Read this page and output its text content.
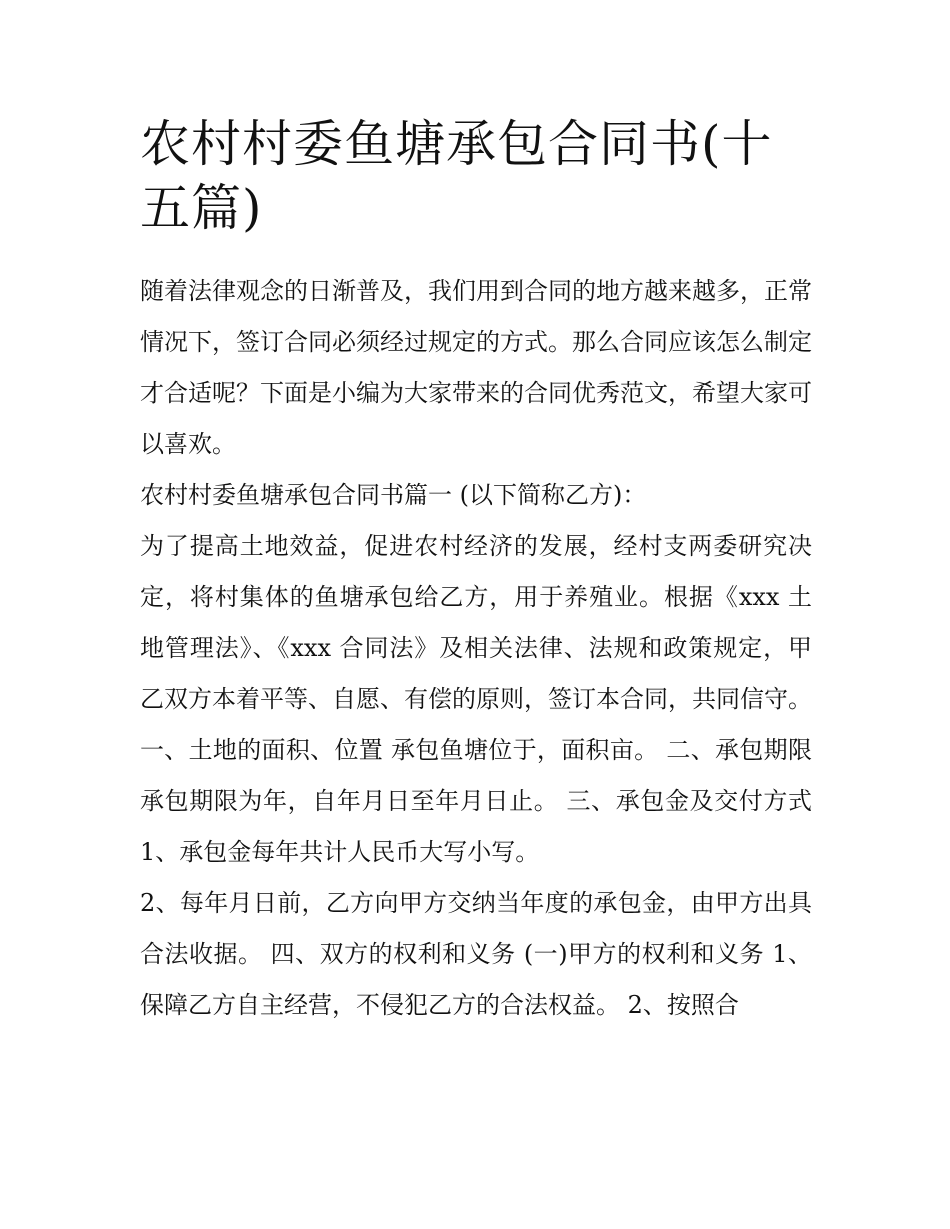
农村村委鱼塘承包合同书(十五篇)

随着法律观念的日渐普及，我们用到合同的地方越来越多，正常情况下，签订合同必须经过规定的方式。那么合同应该怎么制定才合适呢？下面是小编为大家带来的合同优秀范文，希望大家可以喜欢。

农村村委鱼塘承包合同书篇一 (以下简称乙方)：

为了提高土地效益，促进农村经济的发展，经村支两委研究决定，将村集体的鱼塘承包给乙方，用于养殖业。根据《xxx 土地管理法》、《xxx 合同法》及相关法律、法规和政策规定，甲乙双方本着平等、自愿、有偿的原则，签订本合同，共同信守。

一、土地的面积、位置 承包鱼塘位于，面积亩。 二、承包期限 承包期限为年，自年月日至年月日止。 三、承包金及交付方式 1、承包金每年共计人民币大写小写。

2、每年月日前，乙方向甲方交纳当年度的承包金，由甲方出具合法收据。 四、双方的权利和义务 (一)甲方的权利和义务 1、保障乙方自主经营，不侵犯乙方的合法权益。 2、按照合
